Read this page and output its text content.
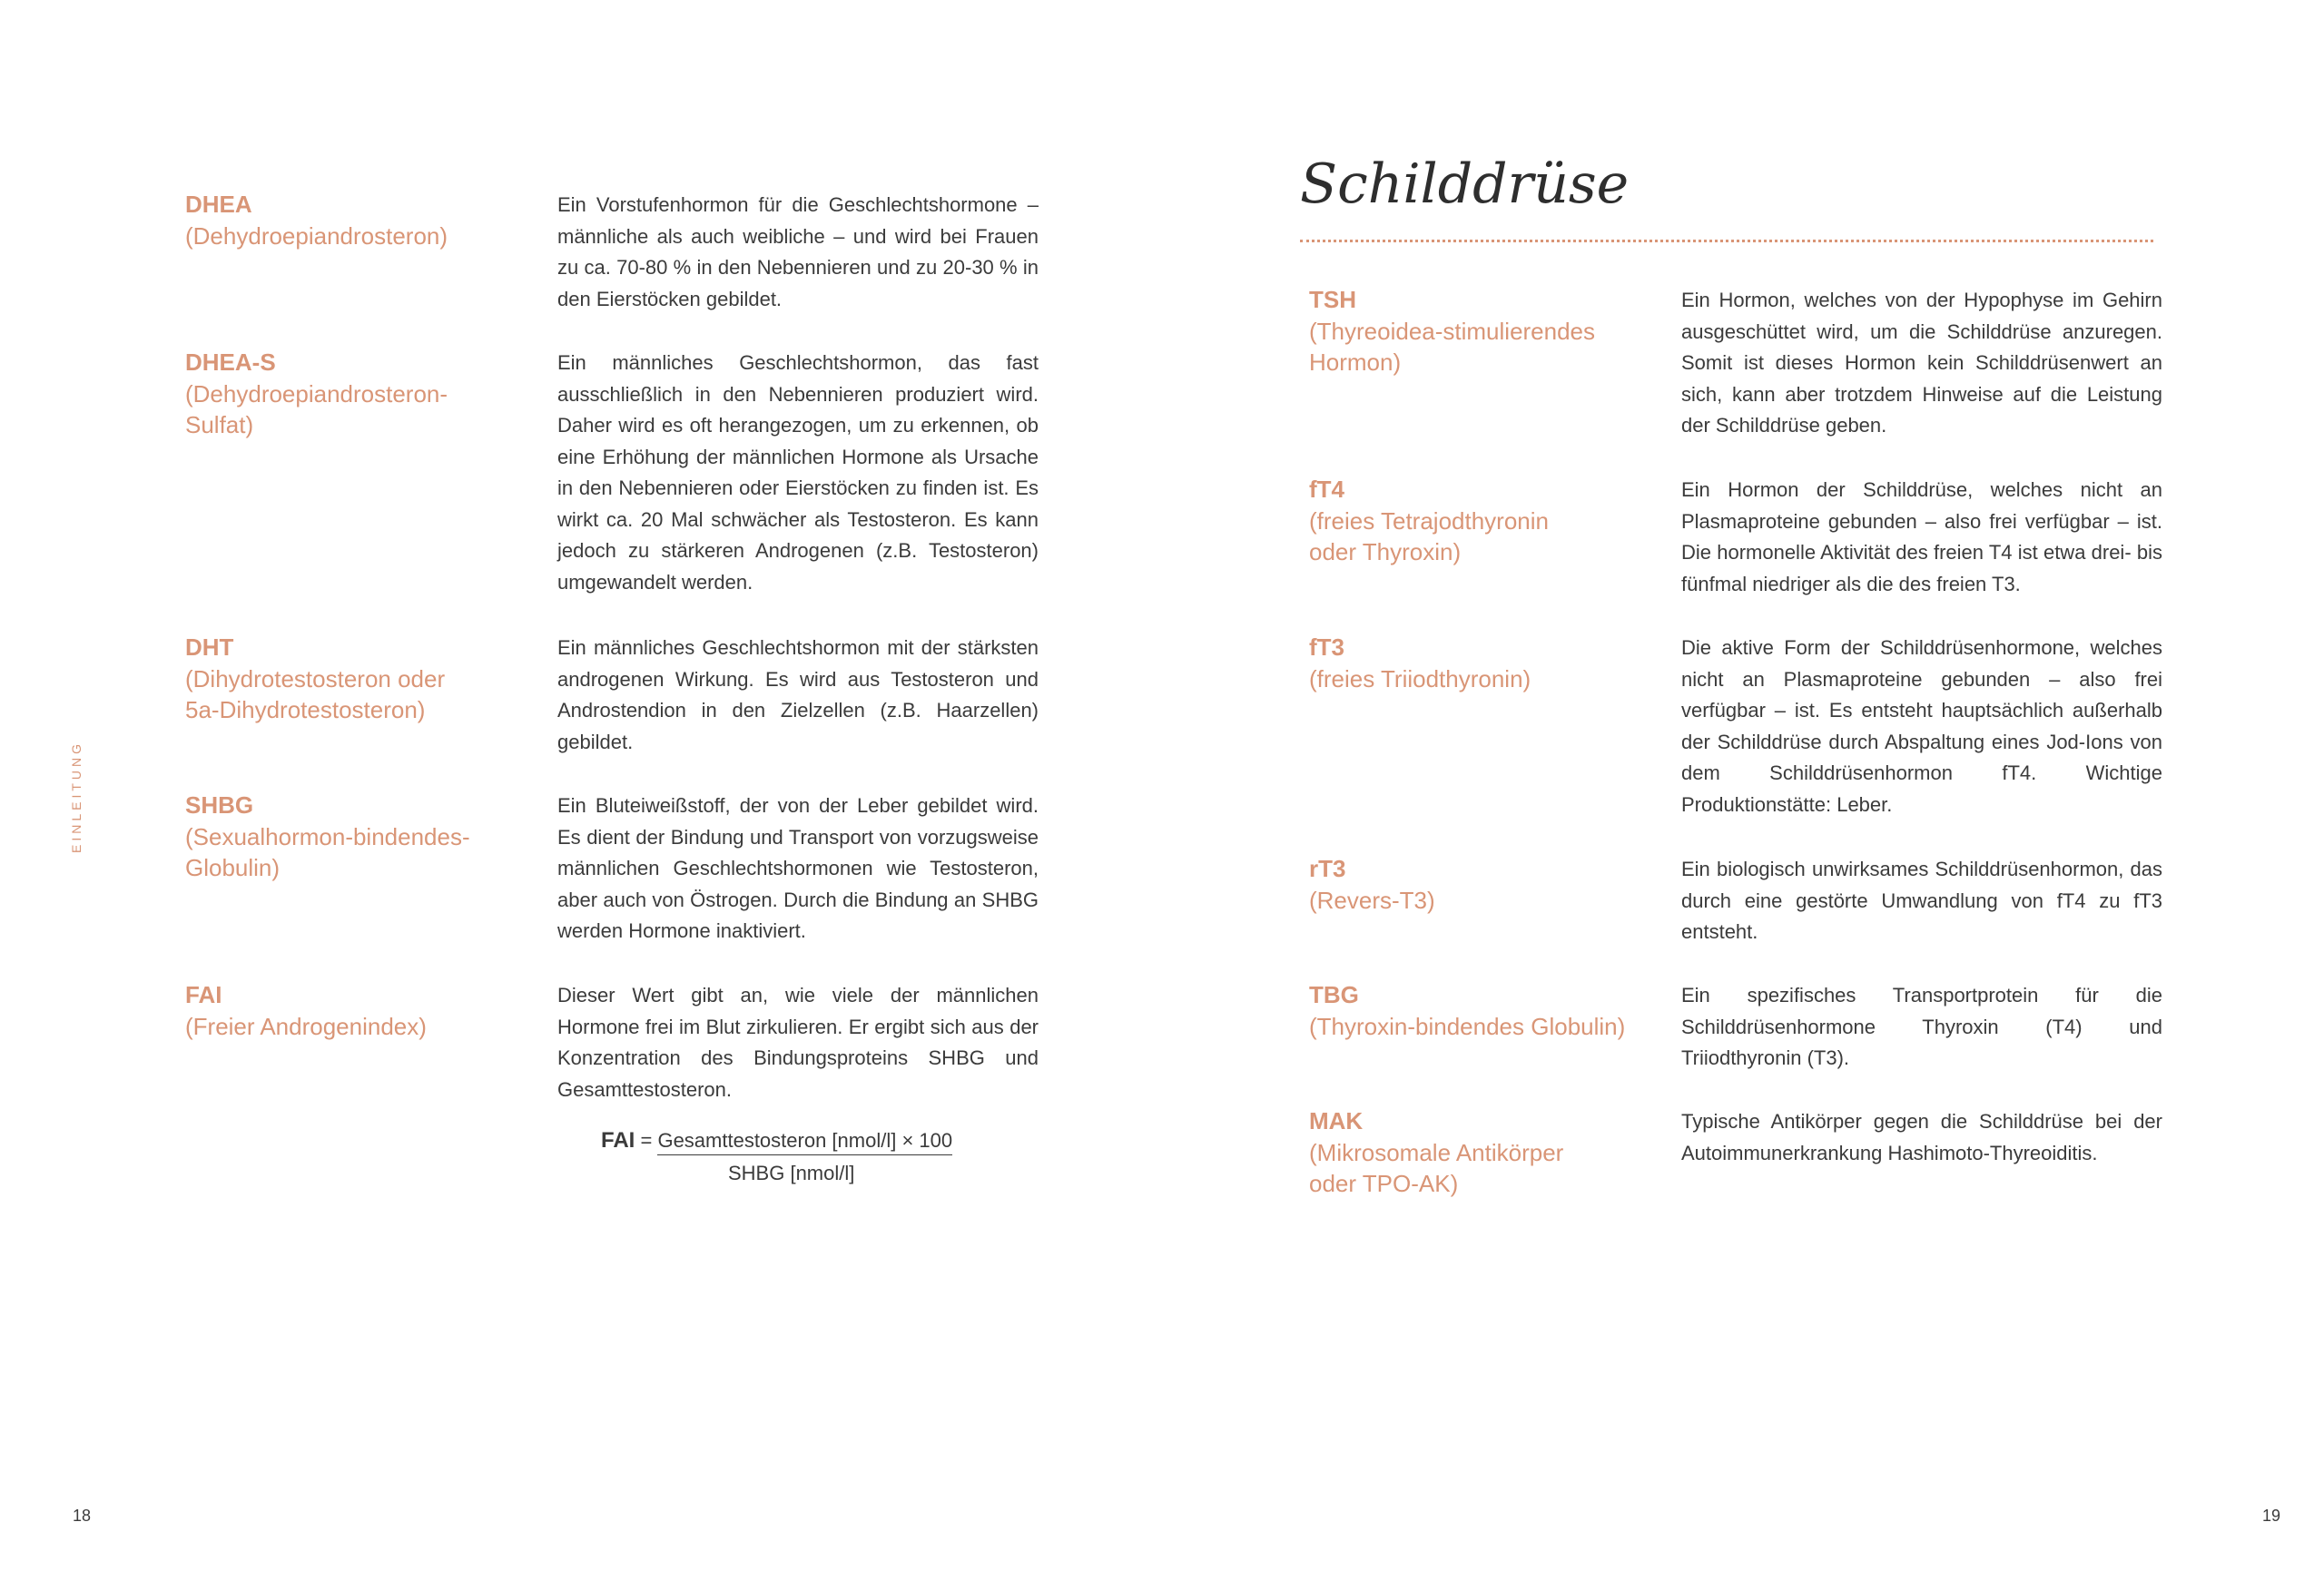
EINLEITUNG
DHEA
(Dehydroepiandrosteron)
Ein Vorstufenhormon für die Geschlechtshormone – männliche als auch weibliche – und wird bei Frauen zu ca. 70-80 % in den Nebennieren und zu 20-30 % in den Eierstöcken gebildet.
DHEA-S
(Dehydroepiandrosteron-Sulfat)
Ein männliches Geschlechtshormon, das fast ausschließlich in den Nebennieren produziert wird. Daher wird es oft herangezogen, um zu erkennen, ob eine Erhöhung der männlichen Hormone als Ursache in den Nebennieren oder Eierstöcken zu finden ist. Es wirkt ca. 20 Mal schwächer als Testosteron. Es kann jedoch zu stärkeren Androgenen (z.B. Testosteron) umgewandelt werden.
DHT
(Dihydrotestosteron oder 5a-Dihydrotestosteron)
Ein männliches Geschlechtshormon mit der stärksten androgenen Wirkung. Es wird aus Testosteron und Androstendion in den Zielzellen (z.B. Haarzellen) gebildet.
SHBG
(Sexualhormon-bindendes-Globulin)
Ein Bluteiweißstoff, der von der Leber gebildet wird. Es dient der Bindung und Transport von vorzugsweise männlichen Geschlechtshormonen wie Testosteron, aber auch von Östrogen. Durch die Bindung an SHBG werden Hormone inaktiviert.
FAI
(Freier Androgenindex)
Dieser Wert gibt an, wie viele der männlichen Hormone frei im Blut zirkulieren. Er ergibt sich aus der Konzentration des Bindungsproteins SHBG und Gesamttestosteron.
FAI = Gesamttestosteron [nmol/l] × 100
SHBG [nmol/l]
18
Schilddrüse
TSH
(Thyreoidea-stimulierendes Hormon)
Ein Hormon, welches von der Hypophyse im Gehirn ausgeschüttet wird, um die Schilddrüse anzuregen. Somit ist dieses Hormon kein Schilddrüsenwert an sich, kann aber trotzdem Hinweise auf die Leistung der Schilddrüse geben.
fT4
(freies Tetrajodthyronin oder Thyroxin)
Ein Hormon der Schilddrüse, welches nicht an Plasmaproteine gebunden – also frei verfügbar – ist. Die hormonelle Aktivität des freien T4 ist etwa drei- bis fünfmal niedriger als die des freien T3.
fT3
(freies Triiodthyronin)
Die aktive Form der Schilddrüsenhormone, welches nicht an Plasmaproteine gebunden – also frei verfügbar – ist. Es entsteht hauptsächlich außerhalb der Schilddrüse durch Abspaltung eines Jod-Ions von dem Schilddrüsenhormon fT4. Wichtige Produktionstätte: Leber.
rT3
(Revers-T3)
Ein biologisch unwirksames Schilddrüsenhormon, das durch eine gestörte Umwandlung von fT4 zu fT3 entsteht.
TBG
(Thyroxin-bindendes Globulin)
Ein spezifisches Transportprotein für die Schilddrüsenhormone Thyroxin (T4) und Triiodthyronin (T3).
MAK
(Mikrosomale Antikörper oder TPO-AK)
Typische Antikörper gegen die Schilddrüse bei der Autoimmunerkrankung Hashimoto-Thyreoiditis.
19
